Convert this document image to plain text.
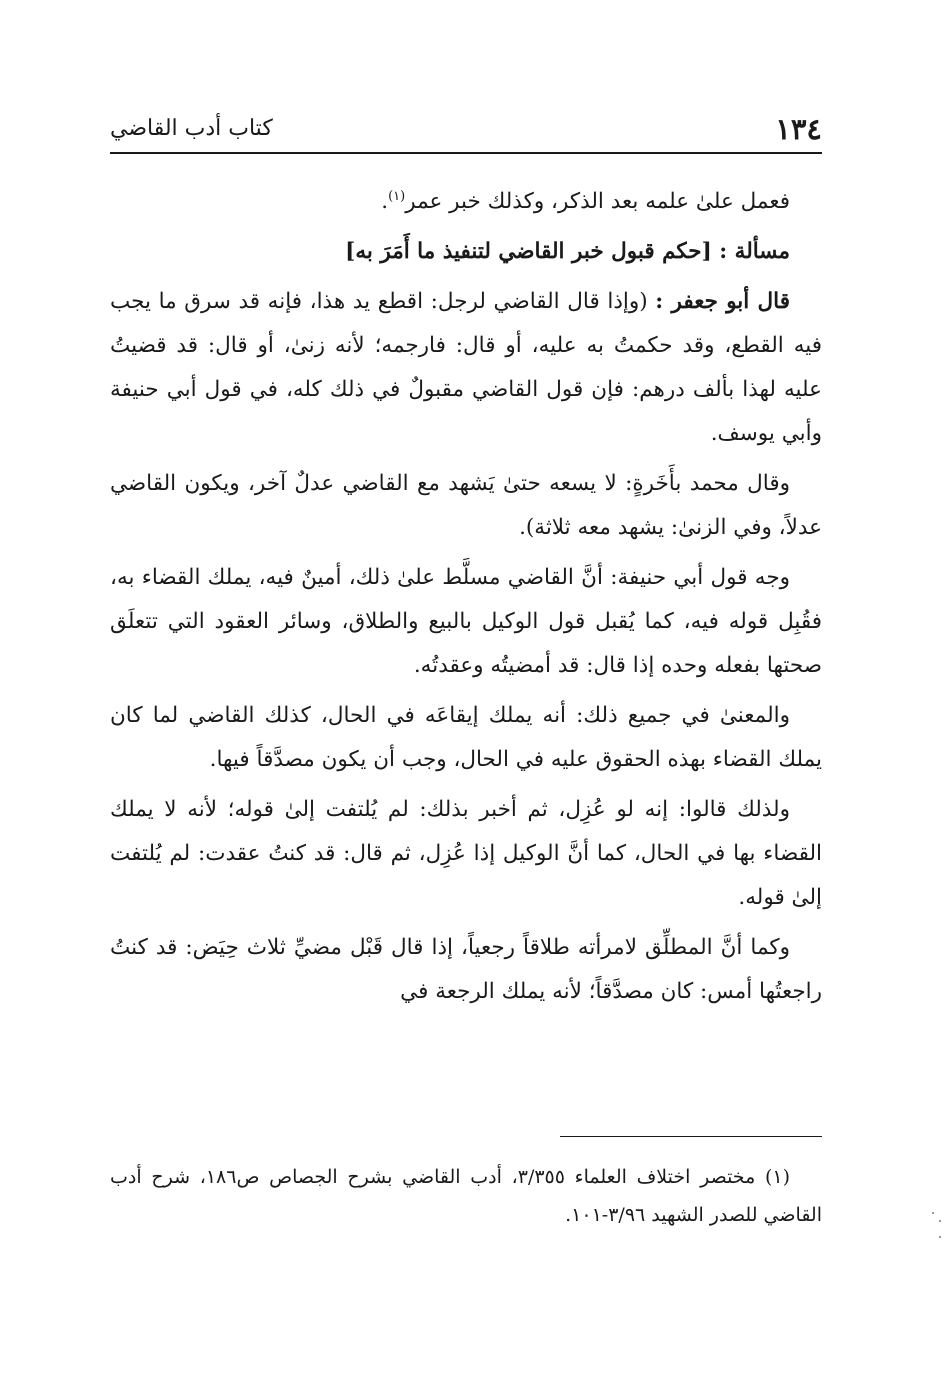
١٣٤
كتاب أدب القاضي

فعمل علىٰ علمه بعد الذكر، وكذلك خبر عمر$^{(١)}$.

مسألة : [حكم قبول خبر القاضي لتنفيذ ما أَمَرَ به]

قال أبو جعفر : (وإذا قال القاضي لرجل: اقطع يد هذا، فإنه قد سرق ما يجب فيه القطع، وقد حكمتُ به عليه، أو قال: فارجمه؛ لأنه زنىٰ، أو قال: قد قضيتُ عليه لهذا بألف درهم: فإن قول القاضي مقبولٌ في ذلك كله، في قول أبي حنيفة وأبي يوسف.

وقال محمد بأَخَرةٍ: لا يسعه حتىٰ يَشهد مع القاضي عدلٌ آخر، ويكون القاضي عدلاً، وفي الزنىٰ: يشهد معه ثلاثة).

وجه قول أبي حنيفة: أنَّ القاضي مسلَّط علىٰ ذلك، أمينٌ فيه، يملك القضاء به، فقُبِل قوله فيه، كما يُقبل قول الوكيل بالبيع والطلاق، وسائر العقود التي تتعلَق صحتها بفعله وحده إذا قال: قد أمضيتُه وعقدتُه.

والمعنىٰ في جميع ذلك: أنه يملك إيقاعَه في الحال، كذلك القاضي لما كان يملك القضاء بهذه الحقوق عليه في الحال، وجب أن يكون مصدَّقاً فيها.

ولذلك قالوا: إنه لو عُزِل، ثم أخبر بذلك: لم يُلتفت إلىٰ قوله؛ لأنه لا يملك القضاء بها في الحال، كما أنَّ الوكيل إذا عُزِل، ثم قال: قد كنتُ عقدت: لم يُلتفت إلىٰ قوله.

وكما أنَّ المطلِّق لامرأته طلاقاً رجعياً، إذا قال قَبْل مضيِّ ثلاث حِيَض: قد كنتُ راجعتُها أمس: كان مصدَّقاً؛ لأنه يملك الرجعة في

(١) مختصر اختلاف العلماء ٣/٣٥٥، أدب القاضي بشرح الجصاص ص١٨٦، شرح أدب القاضي للصدر الشهيد ٣/٩٦-١٠١.
